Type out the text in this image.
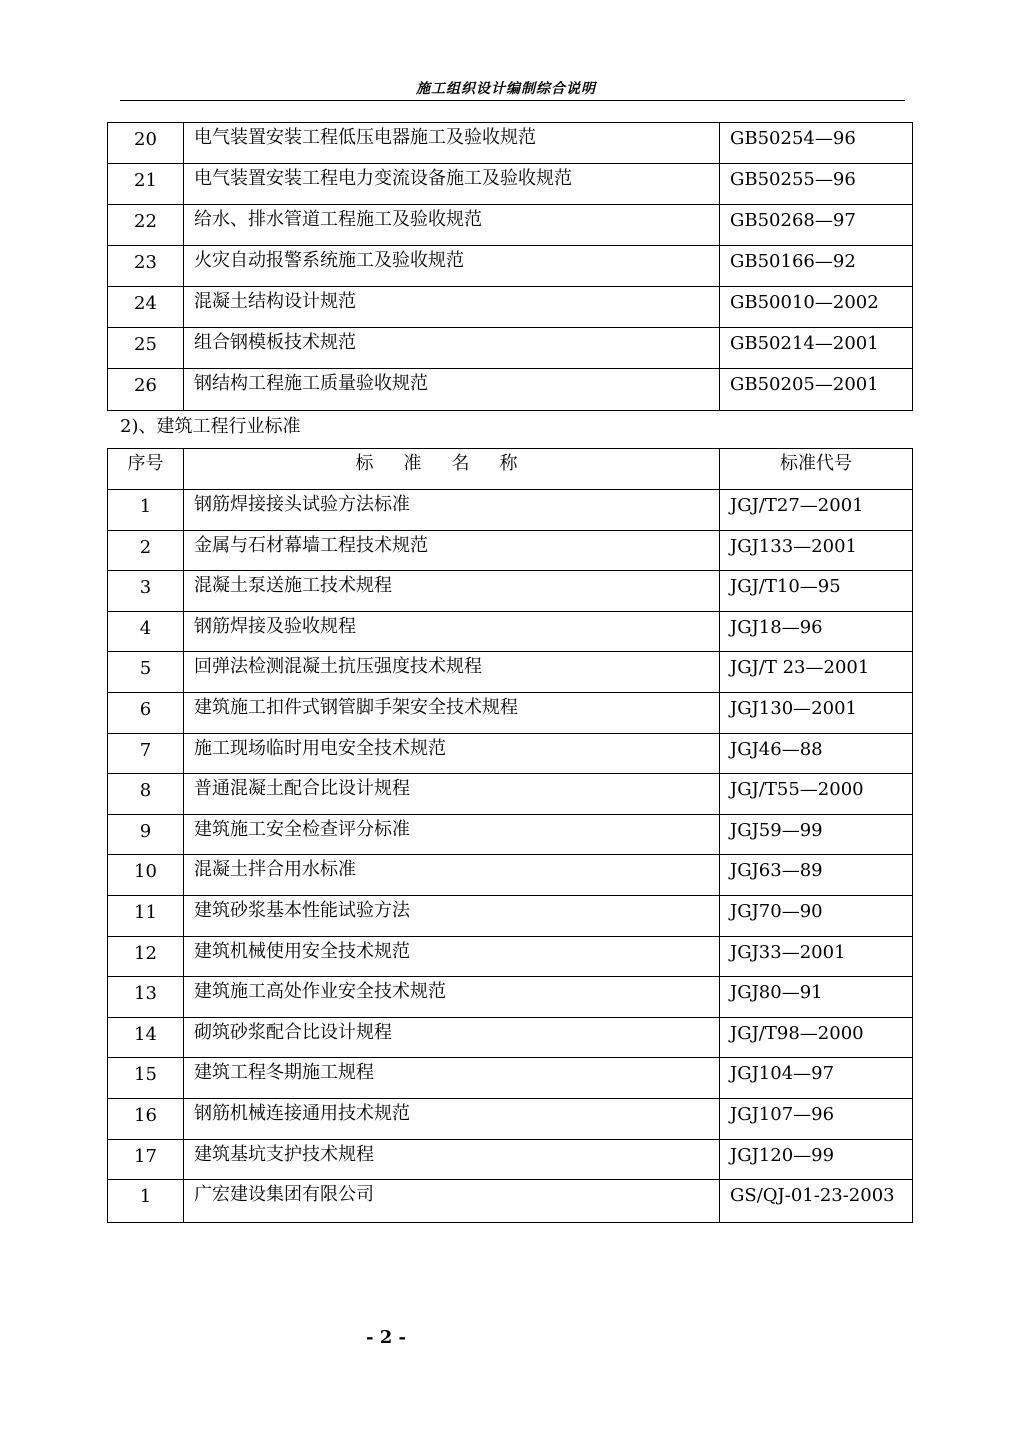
施工组织设计编制综合说明
20	电气装置安装工程低压电器施工及验收规范	GB50254—96
21	电气装置安装工程电力变流设备施工及验收规范	GB50255—96
22	给水、排水管道工程施工及验收规范	GB50268—97
23	火灾自动报警系统施工及验收规范	GB50166—92
24	混凝土结构设计规范	GB50010—2002
25	组合钢模板技术规范	GB50214—2001
26	钢结构工程施工质量验收规范	GB50205—2001
2)、建筑工程行业标准
序号	标准名称	标准代号
1	钢筋焊接接头试验方法标准	JGJ/T27—2001
2	金属与石材幕墙工程技术规范	JGJ133—2001
3	混凝土泵送施工技术规程	JGJ/T10—95
4	钢筋焊接及验收规程	JGJ18—96
5	回弹法检测混凝土抗压强度技术规程	JGJ/T 23—2001
6	建筑施工扣件式钢管脚手架安全技术规程	JGJ130—2001
7	施工现场临时用电安全技术规范	JGJ46—88
8	普通混凝土配合比设计规程	JGJ/T55—2000
9	建筑施工安全检查评分标准	JGJ59—99
10	混凝土拌合用水标准	JGJ63—89
11	建筑砂浆基本性能试验方法	JGJ70—90
12	建筑机械使用安全技术规范	JGJ33—2001
13	建筑施工高处作业安全技术规范	JGJ80—91
14	砌筑砂浆配合比设计规程	JGJ/T98—2000
15	建筑工程冬期施工规程	JGJ104—97
16	钢筋机械连接通用技术规范	JGJ107—96
17	建筑基坑支护技术规程	JGJ120—99
1	广宏建设集团有限公司	GS/QJ-01-23-2003
- 2 -
